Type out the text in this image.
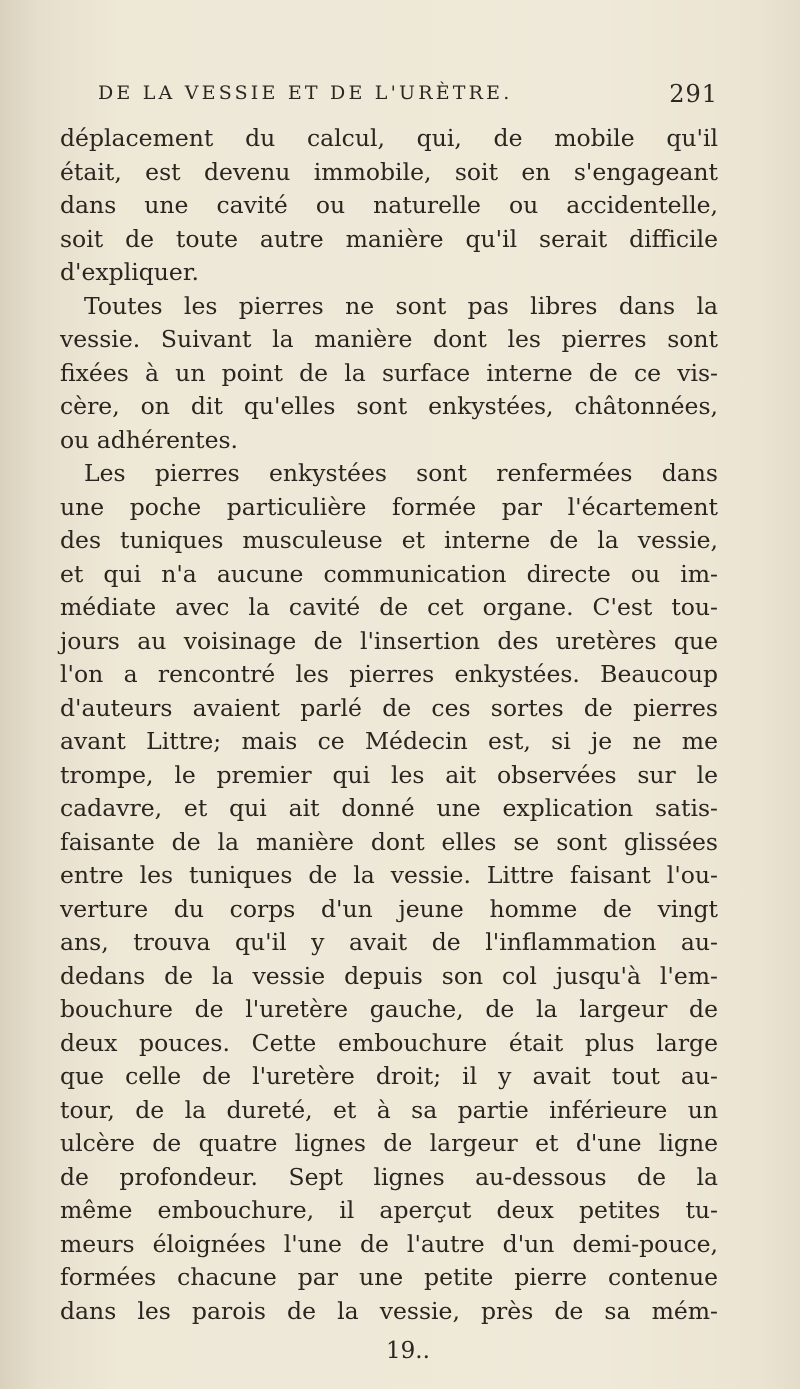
DE LA VESSIE ET DE L'URÈTRE.	291
déplacement du calcul, qui, de mobile qu'il
était, est devenu immobile, soit en s'engageant
dans une cavité ou naturelle ou accidentelle,
soit de toute autre manière qu'il serait difficile
d'expliquer.
Toutes les pierres ne sont pas libres dans la
vessie. Suivant la manière dont les pierres sont
fixées à un point de la surface interne de ce vis-
cère, on dit qu'elles sont enkystées, châtonnées,
ou adhérentes.
Les pierres enkystées sont renfermées dans
une poche particulière formée par l'écartement
des tuniques musculeuse et interne de la vessie,
et qui n'a aucune communication directe ou im-
médiate avec la cavité de cet organe. C'est tou-
jours au voisinage de l'insertion des uretères que
l'on a rencontré les pierres enkystées. Beaucoup
d'auteurs avaient parlé de ces sortes de pierres
avant Littre; mais ce Médecin est, si je ne me
trompe, le premier qui les ait observées sur le
cadavre, et qui ait donné une explication satis-
faisante de la manière dont elles se sont glissées
entre les tuniques de la vessie. Littre faisant l'ou-
verture du corps d'un jeune homme de vingt
ans, trouva qu'il y avait de l'inflammation au-
dedans de la vessie depuis son col jusqu'à l'em-
bouchure de l'uretère gauche, de la largeur de
deux pouces. Cette embouchure était plus large
que celle de l'uretère droit; il y avait tout au-
tour, de la dureté, et à sa partie inférieure un
ulcère de quatre lignes de largeur et d'une ligne
de profondeur. Sept lignes au-dessous de la
même embouchure, il aperçut deux petites tu-
meurs éloignées l'une de l'autre d'un demi-pouce,
formées chacune par une petite pierre contenue
dans les parois de la vessie, près de sa mém-
19..
